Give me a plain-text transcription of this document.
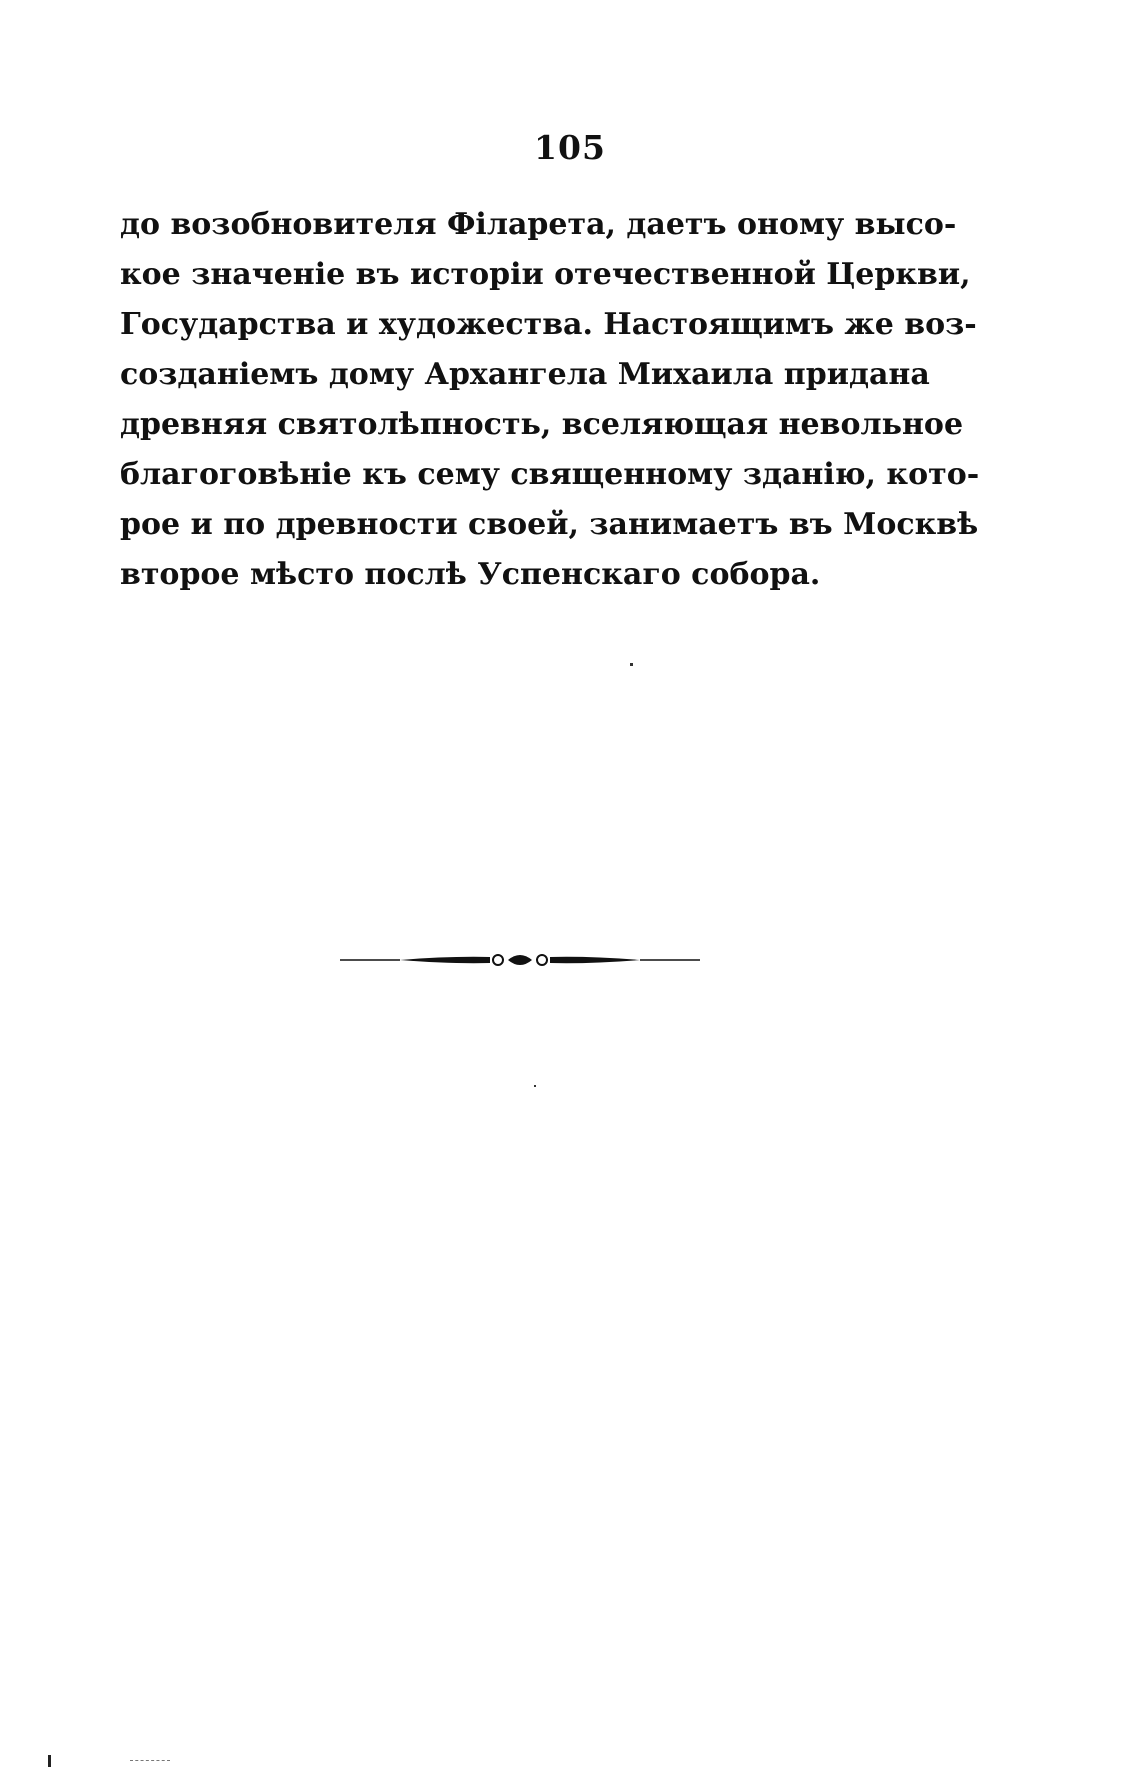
105
до возобновителя Філарета, даетъ оному высо-
кое значеніе въ исторіи отечественной Церкви,
Государства и художества. Настоящимъ же воз-
созданіемъ дому Архангела Михаила придана
древняя святолѣпность, вселяющая невольное
благоговѣніе къ сему священному зданію, кото-
рое и по древности своей, занимаетъ въ Москвѣ
второе мѣсто послѣ Успенскаго собора.
